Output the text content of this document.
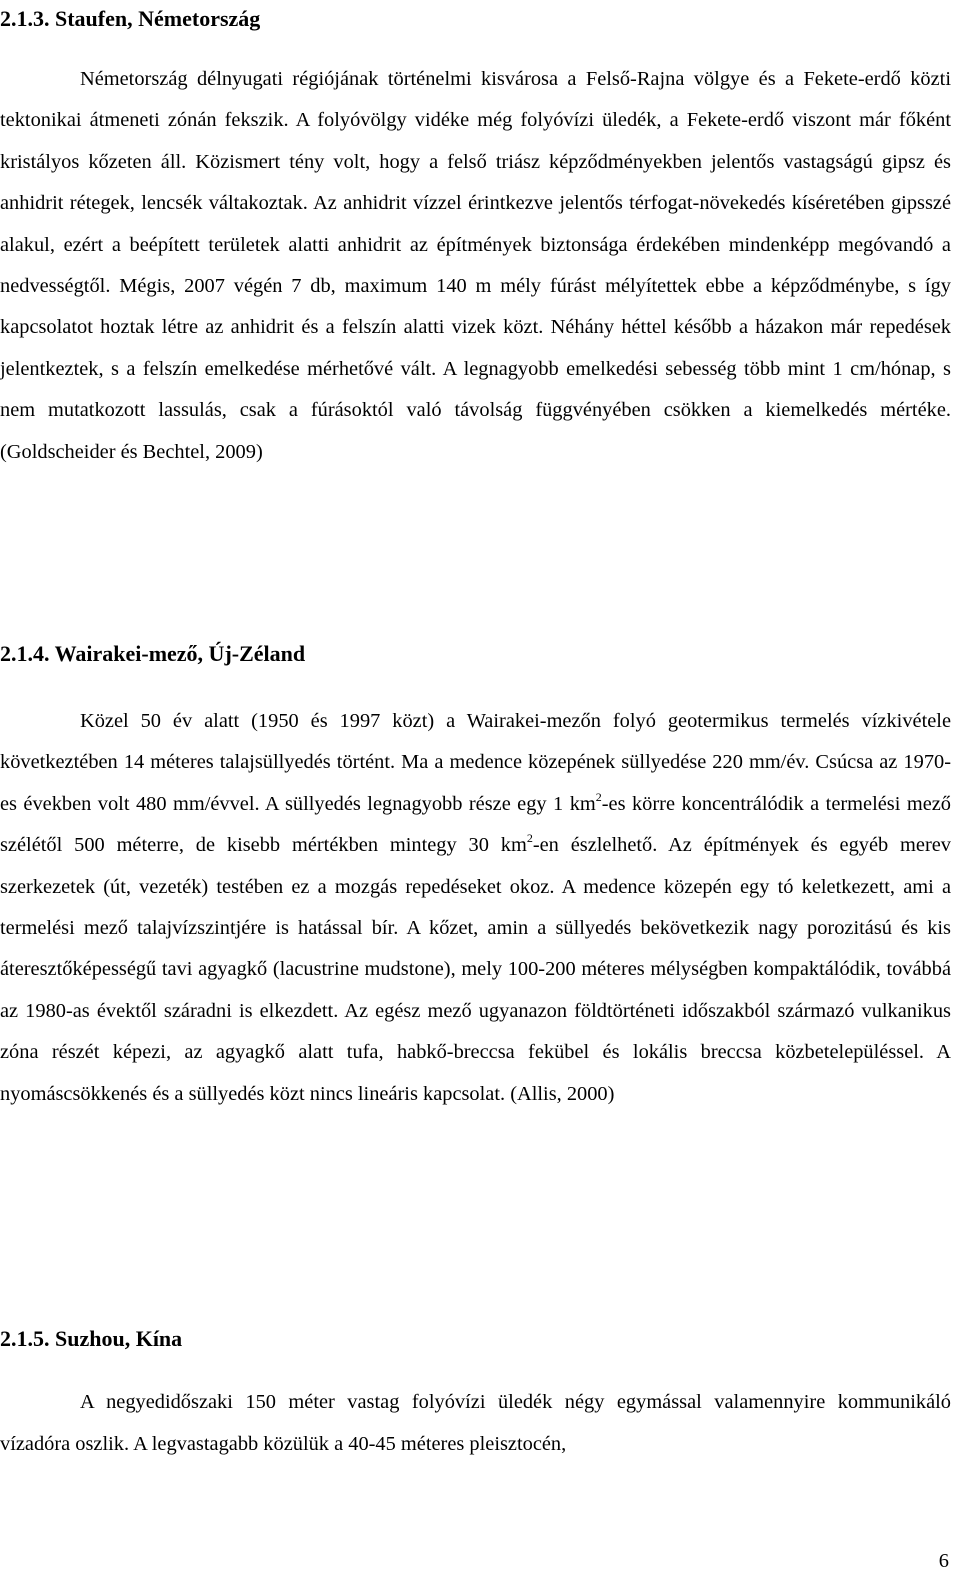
2.1.3. Staufen, Németország

Németország délnyugati régiójának történelmi kisvárosa a Felső-Rajna völgye és a Fekete-erdő közti tektonikai átmeneti zónán fekszik. A folyóvölgy vidéke még folyóvízi üledék, a Fekete-erdő viszont már főként kristályos kőzeten áll. Közismert tény volt, hogy a felső triász képződményekben jelentős vastagságú gipsz és anhidrit rétegek, lencsék váltakoztak. Az anhidrit vízzel érintkezve jelentős térfogat-növekedés kíséretében gipsszé alakul, ezért a beépített területek alatti anhidrit az építmények biztonsága érdekében mindenképp megóvandó a nedvességtől. Mégis, 2007 végén 7 db, maximum 140 m mély fúrást mélyítettek ebbe a képződménybe, s így kapcsolatot hoztak létre az anhidrit és a felszín alatti vizek közt. Néhány héttel később a házakon már repedések jelentkeztek, s a felszín emelkedése mérhetővé vált. A legnagyobb emelkedési sebesség több mint 1 cm/hónap, s nem mutatkozott lassulás, csak a fúrásoktól való távolság függvényében csökken a kiemelkedés mértéke. (Goldscheider és Bechtel, 2009)

2.1.4. Wairakei-mező, Új-Zéland

Közel 50 év alatt (1950 és 1997 közt) a Wairakei-mezőn folyó geotermikus termelés vízkivétele következtében 14 méteres talajsüllyedés történt. Ma a medence közepének süllyedése 220 mm/év. Csúcsa az 1970-es években volt 480 mm/évvel. A süllyedés legnagyobb része egy 1 $km^2-es$ körre koncentrálódik a termelési mező szélétől 500 méterre, de kisebb mértékben mintegy 30 $km^2-en$ észlelhető. Az építmények és egyéb merev szerkezetek (út, vezeték) testében ez a mozgás repedéseket okoz. A medence közepén egy tó keletkezett, ami a termelési mező talajvízszintjére is hatással bír. A kőzet, amin a süllyedés bekövetkezik nagy porozitású és kis áteresztőképességű tavi agyagkő (lacustrine mudstone), mely 100-200 méteres mélységben kompaktálódik, továbbá az 1980-as évektől száradni is elkezdett. Az egész mező ugyanazon földtörténeti időszakból származó vulkanikus zóna részét képezi, az agyagkő alatt tufa, habkő-breccsa fekübel és lokális breccsa közbetelepüléssel. A nyomáscsökkenés és a süllyedés közt nincs lineáris kapcsolat. (Allis, 2000)

2.1.5. Suzhou, Kína

A negyedidőszaki 150 méter vastag folyóvízi üledék négy egymással valamennyire kommunikáló vízadóra oszlik. A legvastagabb közülük a 40-45 méteres pleisztocén,

6
